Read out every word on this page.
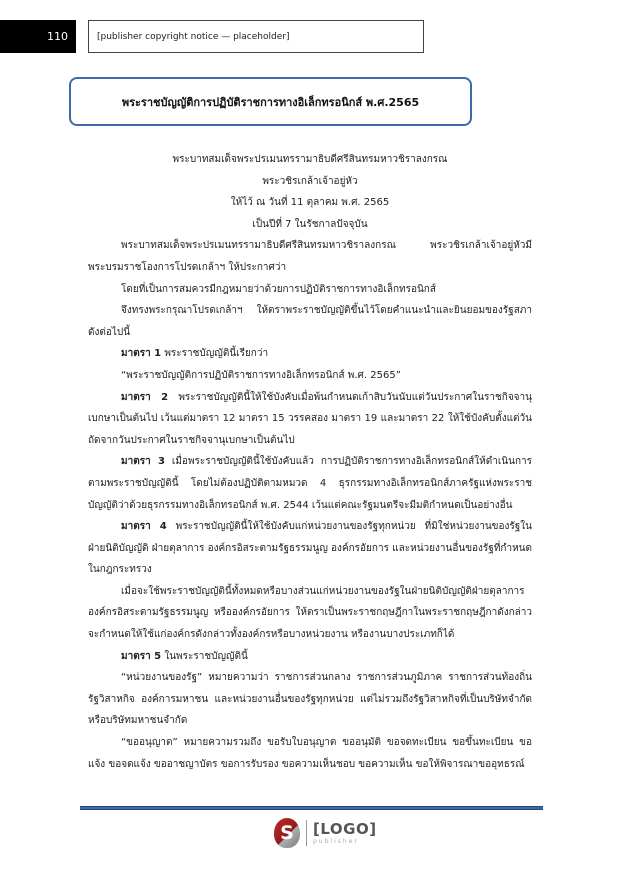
110	[publisher copyright notice — placeholder]
พระราชบัญญัติการปฏิบัติราชการทางอิเล็กทรอนิกส์ พ.ศ.2565
พระบาทสมเด็จพระปรเมนทรรามาธิบดีศรีสินทรมหาวชิราลงกรณ
พระวชิรเกล้าเจ้าอยู่หัว
ให้ไว้ ณ วันที่ 11 ตุลาคม พ.ศ. 2565
เป็นปีที่ 7 ในรัชกาลปัจจุบัน

พระบาทสมเด็จพระปรเมนทรรามาธิบดีศรีสินทรมหาวชิราลงกรณ พระวชิรเกล้าเจ้าอยู่หัวมีพระบรมราชโองการโปรดเกล้าฯ ให้ประกาศว่า

โดยที่เป็นการสมควรมีกฎหมายว่าด้วยการปฏิบัติราชการทางอิเล็กทรอนิกส์

จึงทรงพระกรุณาโปรดเกล้าฯ ให้ตราพระราชบัญญัติขึ้นไว้โดยคำแนะนำและยินยอมของรัฐสภา ดังต่อไปนี้

มาตรา 1 พระราชบัญญัตินี้เรียกว่า

“พระราชบัญญัติการปฏิบัติราชการทางอิเล็กทรอนิกส์ พ.ศ. 2565”

มาตรา 2 พระราชบัญญัตินี้ให้ใช้บังคับเมื่อพ้นกำหนดเก้าสิบวันนับแต่วันประกาศในราชกิจจานุเบกษาเป็นต้นไป เว้นแต่มาตรา 12 มาตรา 15 วรรคสอง มาตรา 19 และมาตรา 22 ให้ใช้บังคับตั้งแต่วันถัดจากวันประกาศในราชกิจจานุเบกษาเป็นต้นไป

มาตรา 3 เมื่อพระราชบัญญัตินี้ใช้บังคับแล้ว การปฏิบัติราชการทางอิเล็กทรอนิกส์ให้ดำเนินการตามพระราชบัญญัตินี้ โดยไม่ต้องปฏิบัติตามหมวด 4 ธุรกรรมทางอิเล็กทรอนิกส์ภาครัฐแห่งพระราชบัญญัติว่าด้วยธุรกรรมทางอิเล็กทรอนิกส์ พ.ศ. 2544 เว้นแต่คณะรัฐมนตรีจะมีมติกำหนดเป็นอย่างอื่น

มาตรา 4 พระราชบัญญัตินี้ให้ใช้บังคับแก่หน่วยงานของรัฐทุกหน่วย ที่มิใช่หน่วยงานของรัฐในฝ่ายนิติบัญญัติ ฝ่ายตุลาการ องค์กรอิสระตามรัฐธรรมนูญ องค์กรอัยการ และหน่วยงานอื่นของรัฐที่กำหนดในกฎกระทรวง

เมื่อจะใช้พระราชบัญญัตินี้ทั้งหมดหรือบางส่วนแก่หน่วยงานของรัฐในฝ่ายนิติบัญญัติฝ่ายตุลาการ องค์กรอิสระตามรัฐธรรมนูญ หรือองค์กรอัยการ ให้ตราเป็นพระราชกฤษฎีกาในพระราชกฤษฎีกาดังกล่าวจะกำหนดให้ใช้แก่องค์กรดังกล่าวทั้งองค์กรหรือบางหน่วยงาน หรืองานบางประเภทก็ได้

มาตรา 5 ในพระราชบัญญัตินี้

“หน่วยงานของรัฐ” หมายความว่า ราชการส่วนกลาง ราชการส่วนภูมิภาค ราชการส่วนท้องถิ่น รัฐวิสาหกิจ องค์การมหาชน และหน่วยงานอื่นของรัฐทุกหน่วย แต่ไม่รวมถึงรัฐวิสาหกิจที่เป็นบริษัทจำกัดหรือบริษัทมหาชนจำกัด

“ขออนุญาต” หมายความรวมถึง ขอรับใบอนุญาต ขออนุมัติ ขอจดทะเบียน ขอขึ้นทะเบียน ขอแจ้ง ขอจดแจ้ง ขออาชญาบัตร ขอการรับรอง ขอความเห็นชอบ ขอความเห็น ขอให้พิจารณาขออุทธรณ์

S	[LOGO]
publisher
